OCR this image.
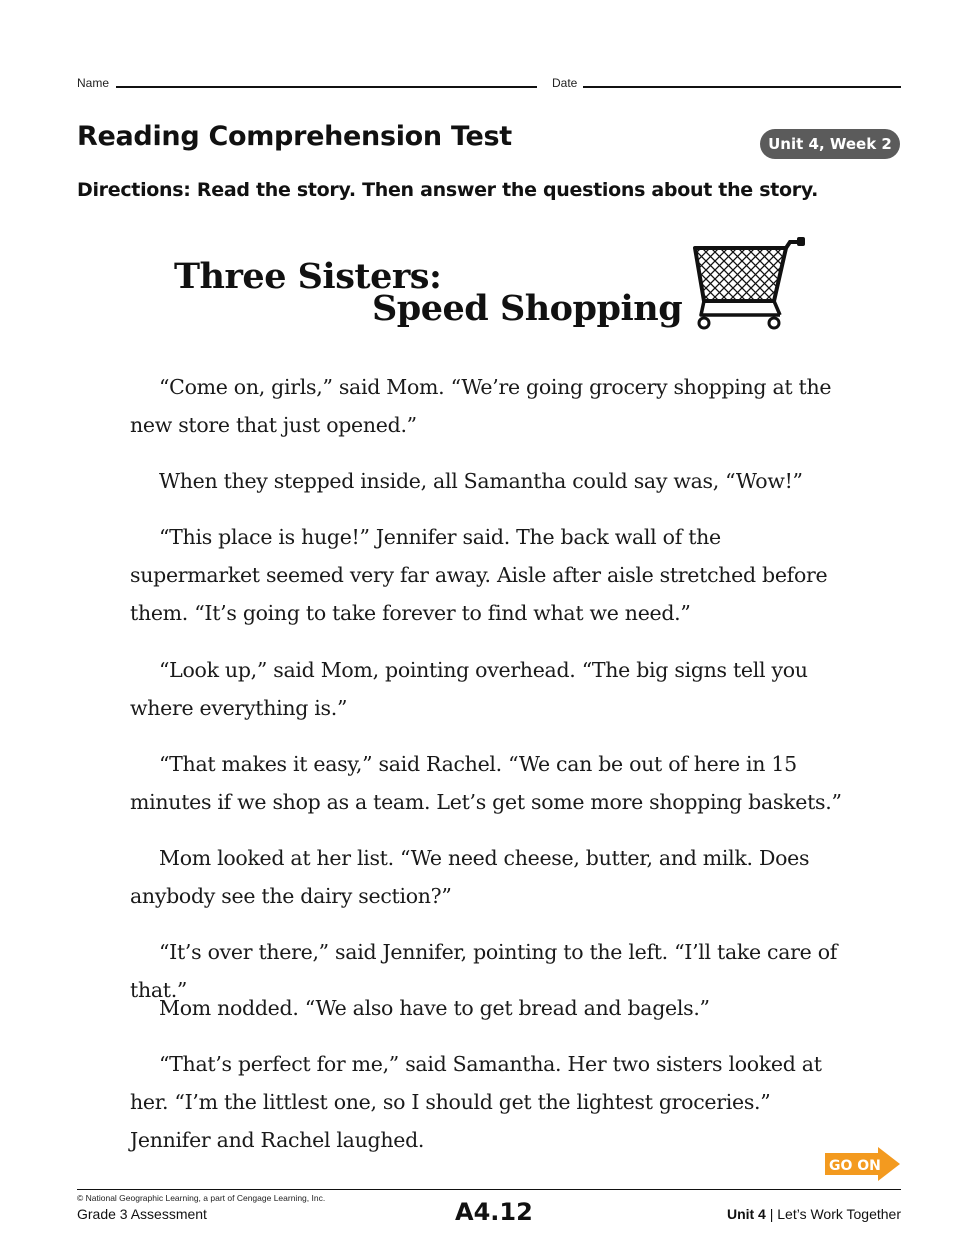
Name	Date
Reading Comprehension Test	Unit 4, Week 2
Directions: Read the story. Then answer the questions about the story.
Three Sisters:
Speed Shopping

“Come on, girls,” said Mom. “We’re going grocery shopping at the new store that just opened.”

When they stepped inside, all Samantha could say was, “Wow!”

“This place is huge!” Jennifer said. The back wall of the supermarket seemed very far away. Aisle after aisle stretched before them. “It’s going to take forever to find what we need.”

“Look up,” said Mom, pointing overhead. “The big signs tell you where everything is.”

“That makes it easy,” said Rachel. “We can be out of here in 15 minutes if we shop as a team. Let’s get some more shopping baskets.”

Mom looked at her list. “We need cheese, butter, and milk. Does anybody see the dairy section?”

“It’s over there,” said Jennifer, pointing to the left. “I’ll take care of that.”

Mom nodded. “We also have to get bread and bagels.”

“That’s perfect for me,” said Samantha. Her two sisters looked at her. “I’m the littlest one, so I should get the lightest groceries.” Jennifer and Rachel laughed.

GO ON
© National Geographic Learning, a part of Cengage Learning, Inc.
Grade 3 Assessment	A4.12	Unit 4 | Let’s Work Together
